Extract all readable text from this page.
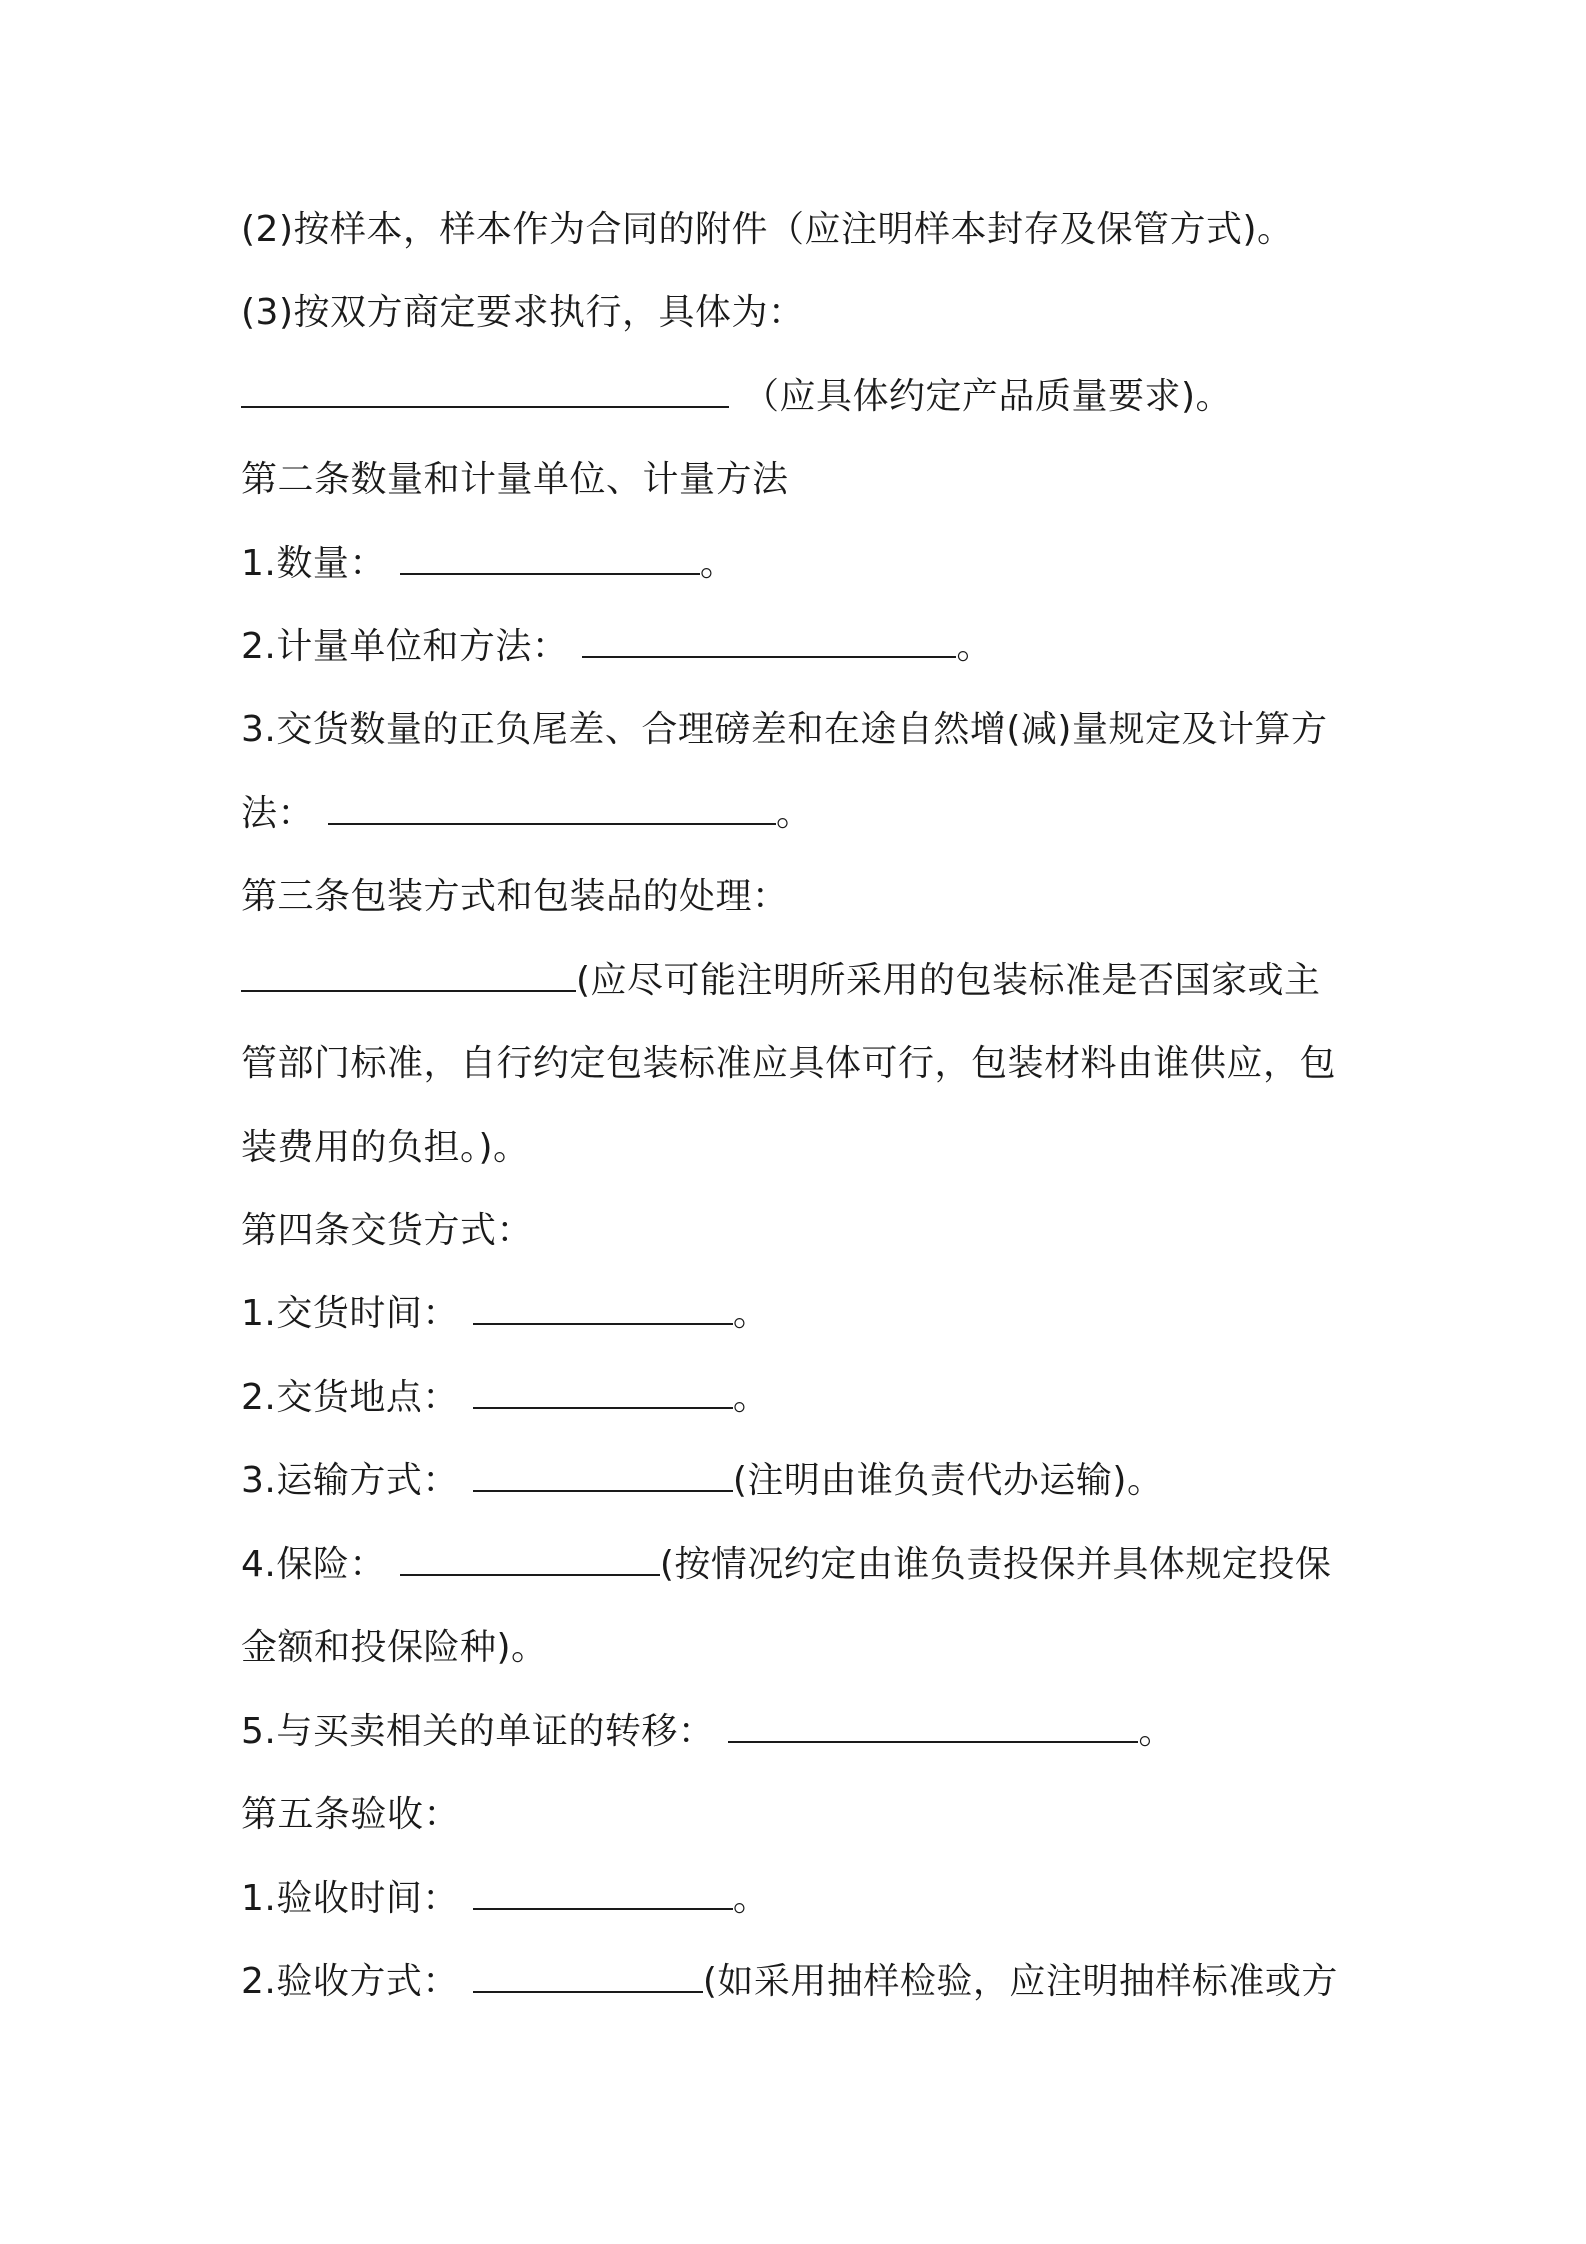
(2)按样本，样本作为合同的附件（应注明样本封存及保管方式)。
(3)按双方商定要求执行，具体为：
（应具体约定产品质量要求)。
第二条数量和计量单位、计量方法
1.数量：	。
2.计量单位和方法：	。
3.交货数量的正负尾差、合理磅差和在途自然增(减)量规定及计算方
法：	。
第三条包装方式和包装品的处理：
(应尽可能注明所采用的包装标准是否国家或主
管部门标准，自行约定包装标准应具体可行，包装材料由谁供应，包
装费用的负担。)。
第四条交货方式：
1.交货时间：	。
2.交货地点：	。
3.运输方式：	(注明由谁负责代办运输)。
4.保险：	(按情况约定由谁负责投保并具体规定投保
金额和投保险种)。
5.与买卖相关的单证的转移：	。
第五条验收：
1.验收时间：	。
2.验收方式：	(如采用抽样检验，应注明抽样标准或方
